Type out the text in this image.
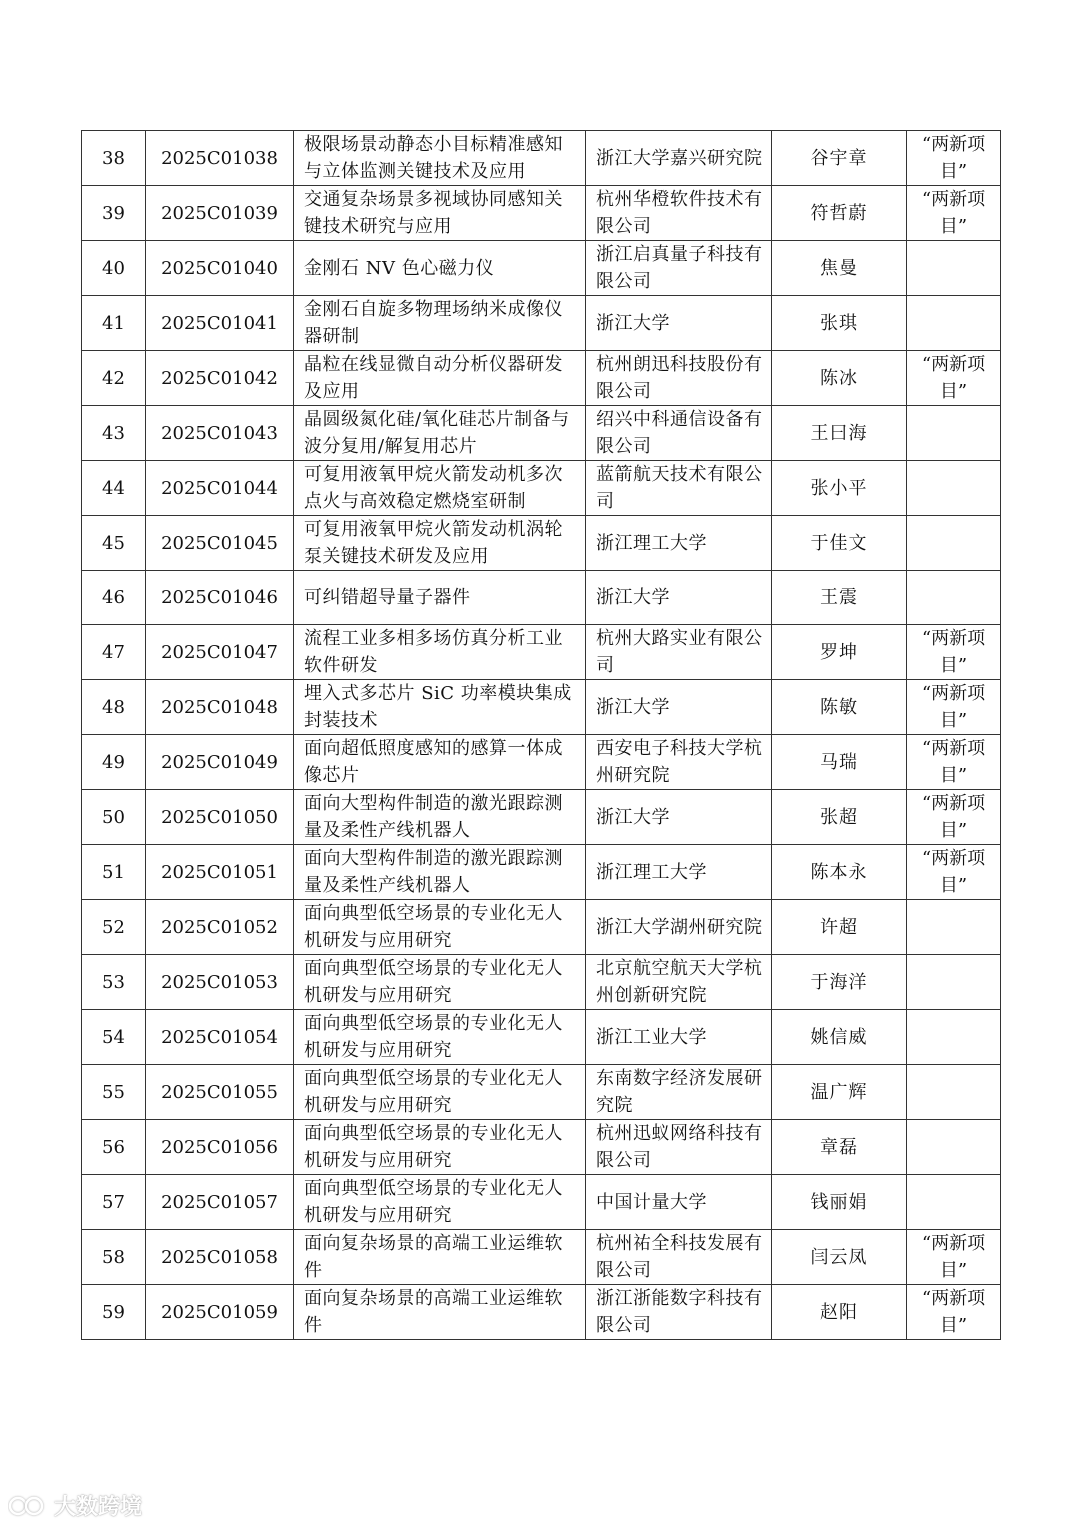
38	2025C01038	极限场景动静态小目标精准感知与立体监测关键技术及应用	浙江大学嘉兴研究院	谷宇章	“两新项目”
39	2025C01039	交通复杂场景多视域协同感知关键技术研究与应用	杭州华橙软件技术有限公司	符哲蔚	“两新项目”
40	2025C01040	金刚石 NV 色心磁力仪	浙江启真量子科技有限公司	焦曼	
41	2025C01041	金刚石自旋多物理场纳米成像仪器研制	浙江大学	张琪	
42	2025C01042	晶粒在线显微自动分析仪器研发及应用	杭州朗迅科技股份有限公司	陈冰	“两新项目”
43	2025C01043	晶圆级氮化硅/氧化硅芯片制备与波分复用/解复用芯片	绍兴中科通信设备有限公司	王曰海	
44	2025C01044	可复用液氧甲烷火箭发动机多次点火与高效稳定燃烧室研制	蓝箭航天技术有限公司	张小平	
45	2025C01045	可复用液氧甲烷火箭发动机涡轮泵关键技术研发及应用	浙江理工大学	于佳文	
46	2025C01046	可纠错超导量子器件	浙江大学	王震	
47	2025C01047	流程工业多相多场仿真分析工业软件研发	杭州大路实业有限公司	罗坤	“两新项目”
48	2025C01048	埋入式多芯片 SiC 功率模块集成封装技术	浙江大学	陈敏	“两新项目”
49	2025C01049	面向超低照度感知的感算一体成像芯片	西安电子科技大学杭州研究院	马瑞	“两新项目”
50	2025C01050	面向大型构件制造的激光跟踪测量及柔性产线机器人	浙江大学	张超	“两新项目”
51	2025C01051	面向大型构件制造的激光跟踪测量及柔性产线机器人	浙江理工大学	陈本永	“两新项目”
52	2025C01052	面向典型低空场景的专业化无人机研发与应用研究	浙江大学湖州研究院	许超	
53	2025C01053	面向典型低空场景的专业化无人机研发与应用研究	北京航空航天大学杭州创新研究院	于海洋	
54	2025C01054	面向典型低空场景的专业化无人机研发与应用研究	浙江工业大学	姚信威	
55	2025C01055	面向典型低空场景的专业化无人机研发与应用研究	东南数字经济发展研究院	温广辉	
56	2025C01056	面向典型低空场景的专业化无人机研发与应用研究	杭州迅蚁网络科技有限公司	章磊	
57	2025C01057	面向典型低空场景的专业化无人机研发与应用研究	中国计量大学	钱丽娟	
58	2025C01058	面向复杂场景的高端工业运维软件	杭州祐全科技发展有限公司	闫云凤	“两新项目”
59	2025C01059	面向复杂场景的高端工业运维软件	浙江浙能数字科技有限公司	赵阳	“两新项目”
大数跨境
